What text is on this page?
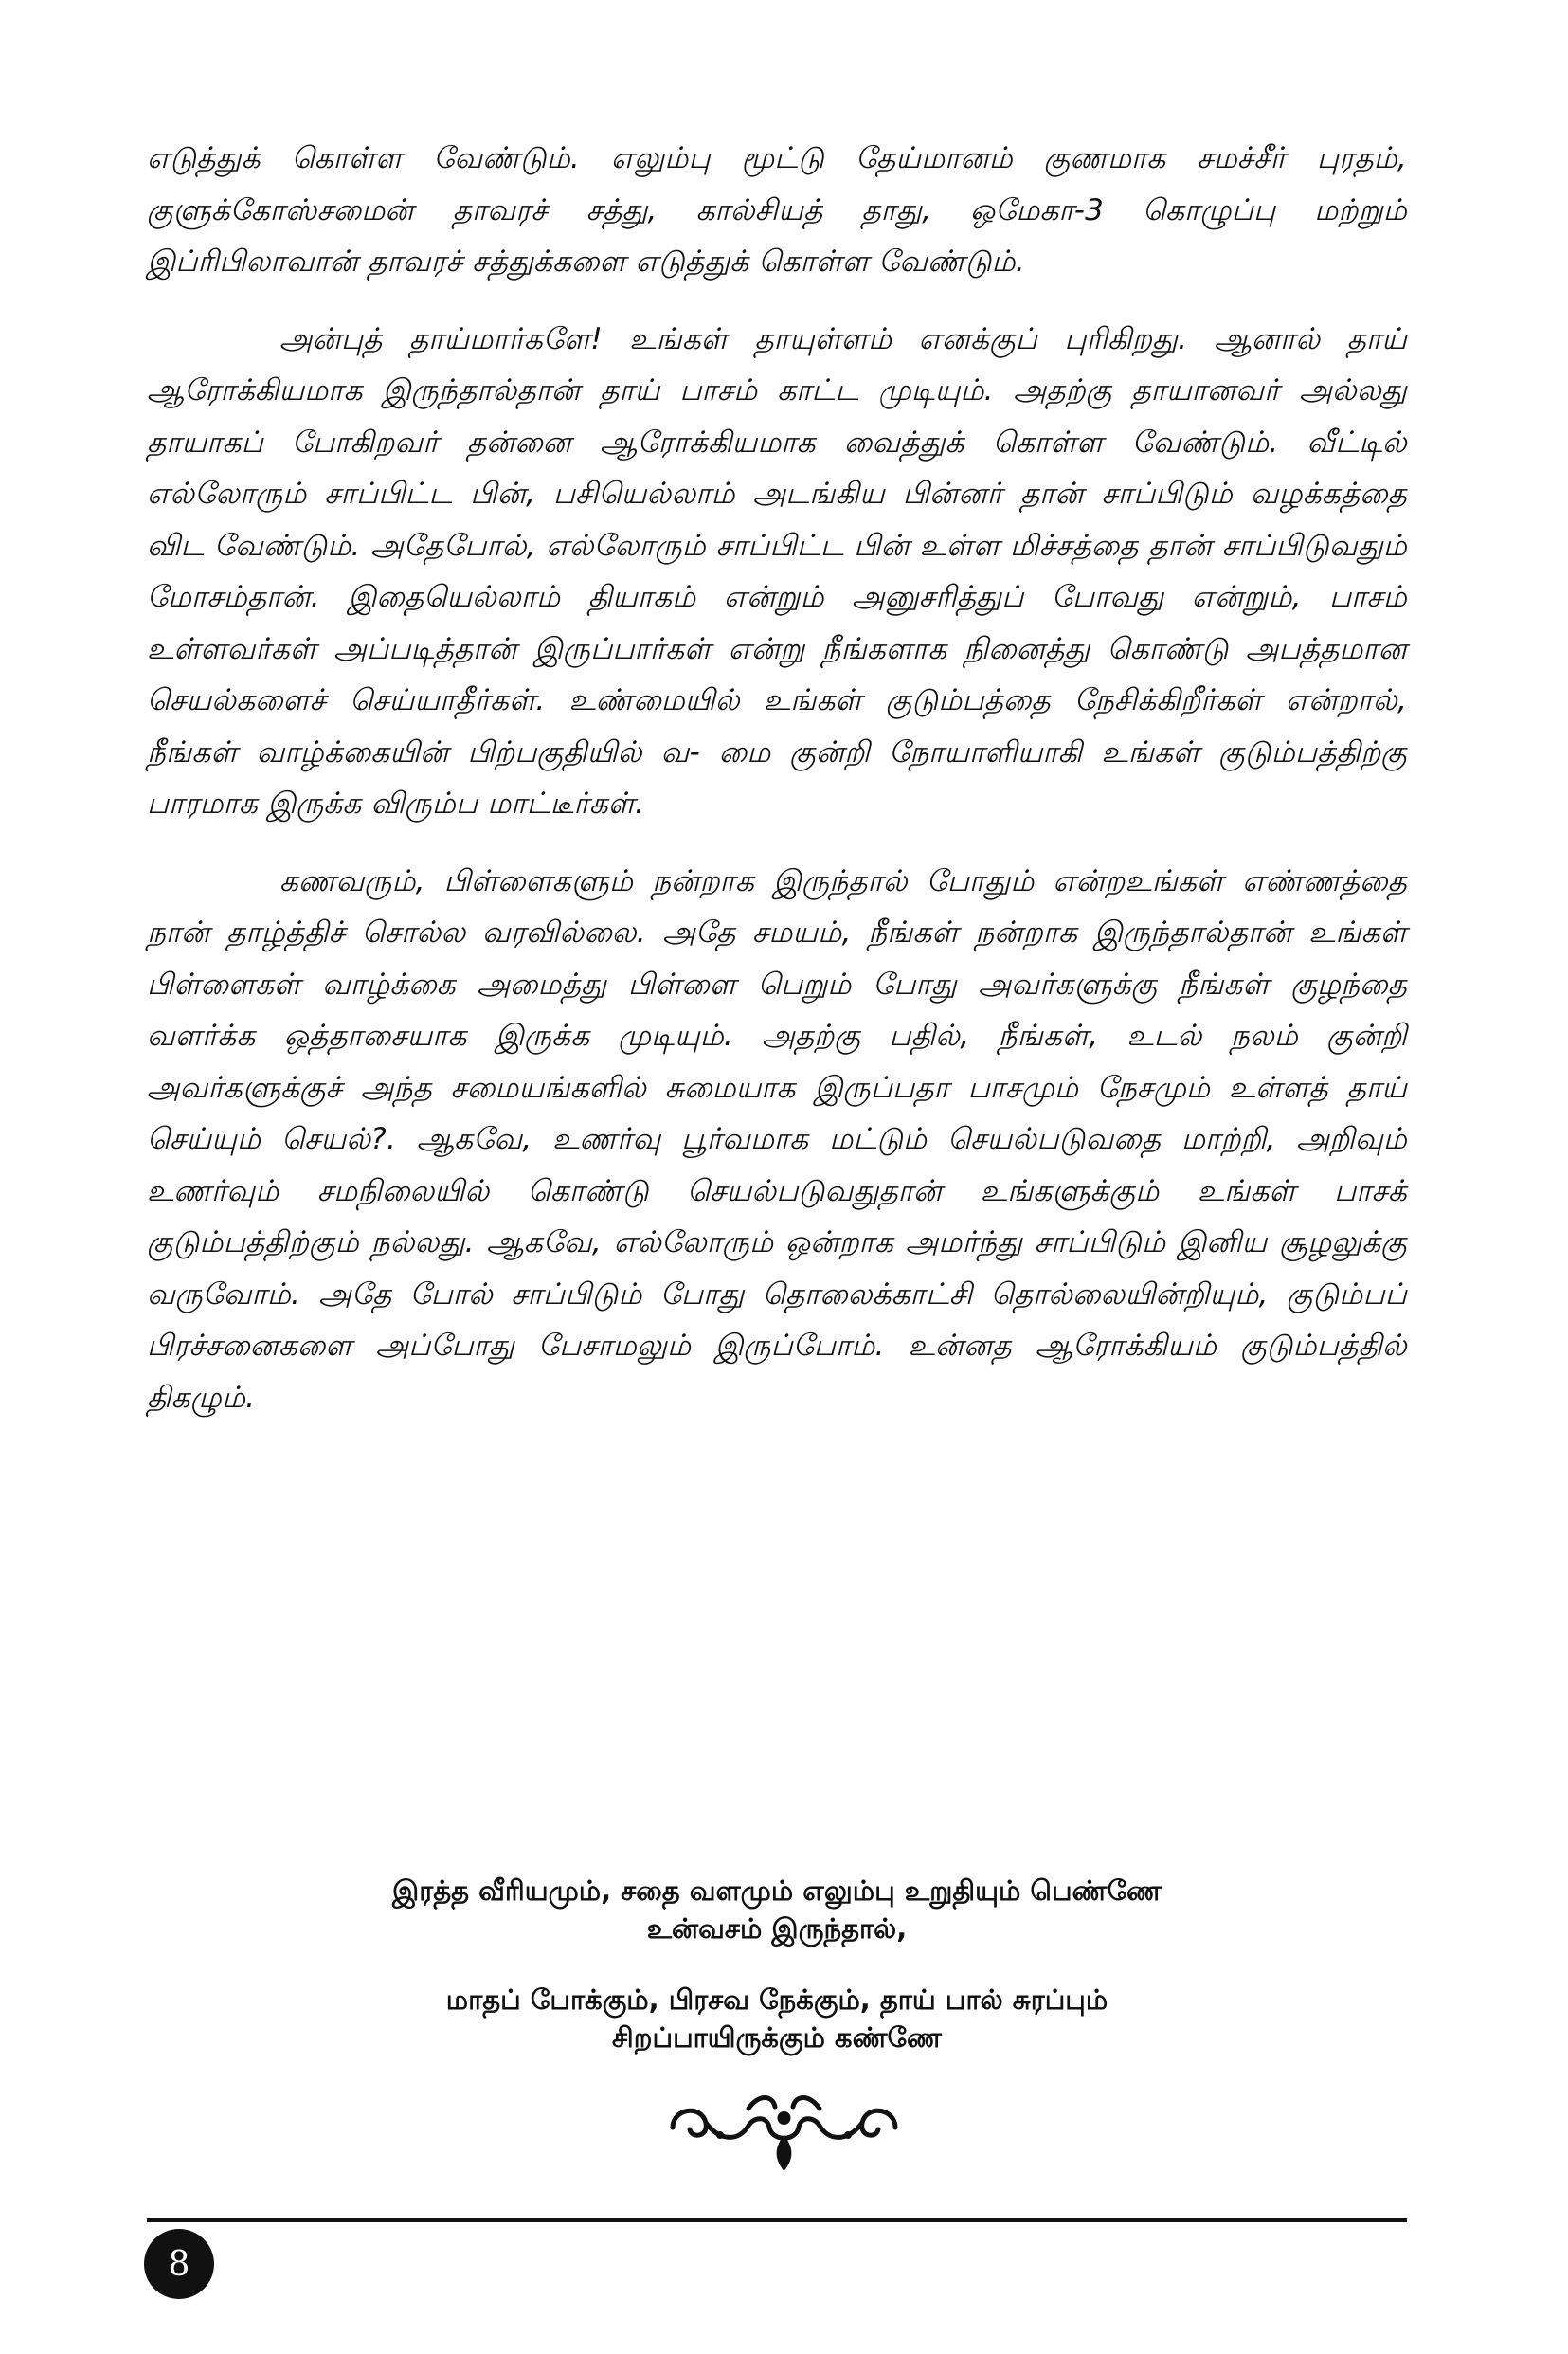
எடுத்துக் கொள்ள வேண்டும். எலும்பு மூட்டு தேய்மானம் குணமாக சமச்சீர் புரதம், குளுக்கோஸ்சமைன் தாவரச் சத்து, கால்சியத் தாது, ஒமேகா-3 கொழுப்பு மற்றும் இப்ரிபிலாவான் தாவரச் சத்துக்களை எடுத்துக் கொள்ள வேண்டும்.

அன்புத் தாய்மார்களே! உங்கள் தாயுள்ளம் எனக்குப் புரிகிறது. ஆனால் தாய் ஆரோக்கியமாக இருந்தால்தான் தாய் பாசம் காட்ட முடியும். அதற்கு தாயானவர் அல்லது தாயாகப் போகிறவர் தன்னை ஆரோக்கியமாக வைத்துக் கொள்ள வேண்டும். வீட்டில் எல்லோரும் சாப்பிட்ட பின், பசியெல்லாம் அடங்கிய பின்னர் தான் சாப்பிடும் வழக்கத்தை விட வேண்டும். அதேபோல், எல்லோரும் சாப்பிட்ட பின் உள்ள மிச்சத்தை தான் சாப்பிடுவதும் மோசம்தான். இதையெல்லாம் தியாகம் என்றும் அனுசரித்துப் போவது என்றும், பாசம் உள்ளவர்கள் அப்படித்தான் இருப்பார்கள் என்று நீங்களாக நினைத்து கொண்டு அபத்தமான செயல்களைச் செய்யாதீர்கள். உண்மையில் உங்கள் குடும்பத்தை நேசிக்கிறீர்கள் என்றால், நீங்கள் வாழ்க்கையின் பிற்பகுதியில் வ- மை குன்றி நோயாளியாகி உங்கள் குடும்பத்திற்கு பாரமாக இருக்க விரும்ப மாட்டீர்கள்.

கணவரும், பிள்ளைகளும் நன்றாக இருந்தால் போதும் என்றஉங்கள் எண்ணத்தை நான் தாழ்த்திச் சொல்ல வரவில்லை. அதே சமயம், நீங்கள் நன்றாக இருந்தால்தான் உங்கள் பிள்ளைகள் வாழ்க்கை அமைத்து பிள்ளை பெறும் போது அவர்களுக்கு நீங்கள் குழந்தை வளர்க்க ஒத்தாசையாக இருக்க முடியும். அதற்கு பதில், நீங்கள், உடல் நலம் குன்றி அவர்களுக்குச் அந்த சமையங்களில் சுமையாக இருப்பதா பாசமும் நேசமும் உள்ளத் தாய் செய்யும் செயல்?. ஆகவே, உணர்வு பூர்வமாக மட்டும் செயல்படுவதை மாற்றி, அறிவும் உணர்வும் சமநிலையில் கொண்டு செயல்படுவதுதான் உங்களுக்கும் உங்கள் பாசக் குடும்பத்திற்கும் நல்லது. ஆகவே, எல்லோரும் ஒன்றாக அமர்ந்து சாப்பிடும் இனிய சூழலுக்கு வருவோம். அதே போல் சாப்பிடும் போது தொலைக்காட்சி தொல்லையின்றியும், குடும்பப் பிரச்சனைகளை அப்போது பேசாமலும் இருப்போம். உன்னத ஆரோக்கியம் குடும்பத்தில் திகழும்.

இரத்த வீரியமும், சதை வளமும் எலும்பு உறுதியும் பெண்ணே
உன்வசம் இருந்தால்,
மாதப் போக்கும், பிரசவ நேக்கும், தாய் பால் சுரப்பும்
சிறப்பாயிருக்கும் கண்ணே
8
